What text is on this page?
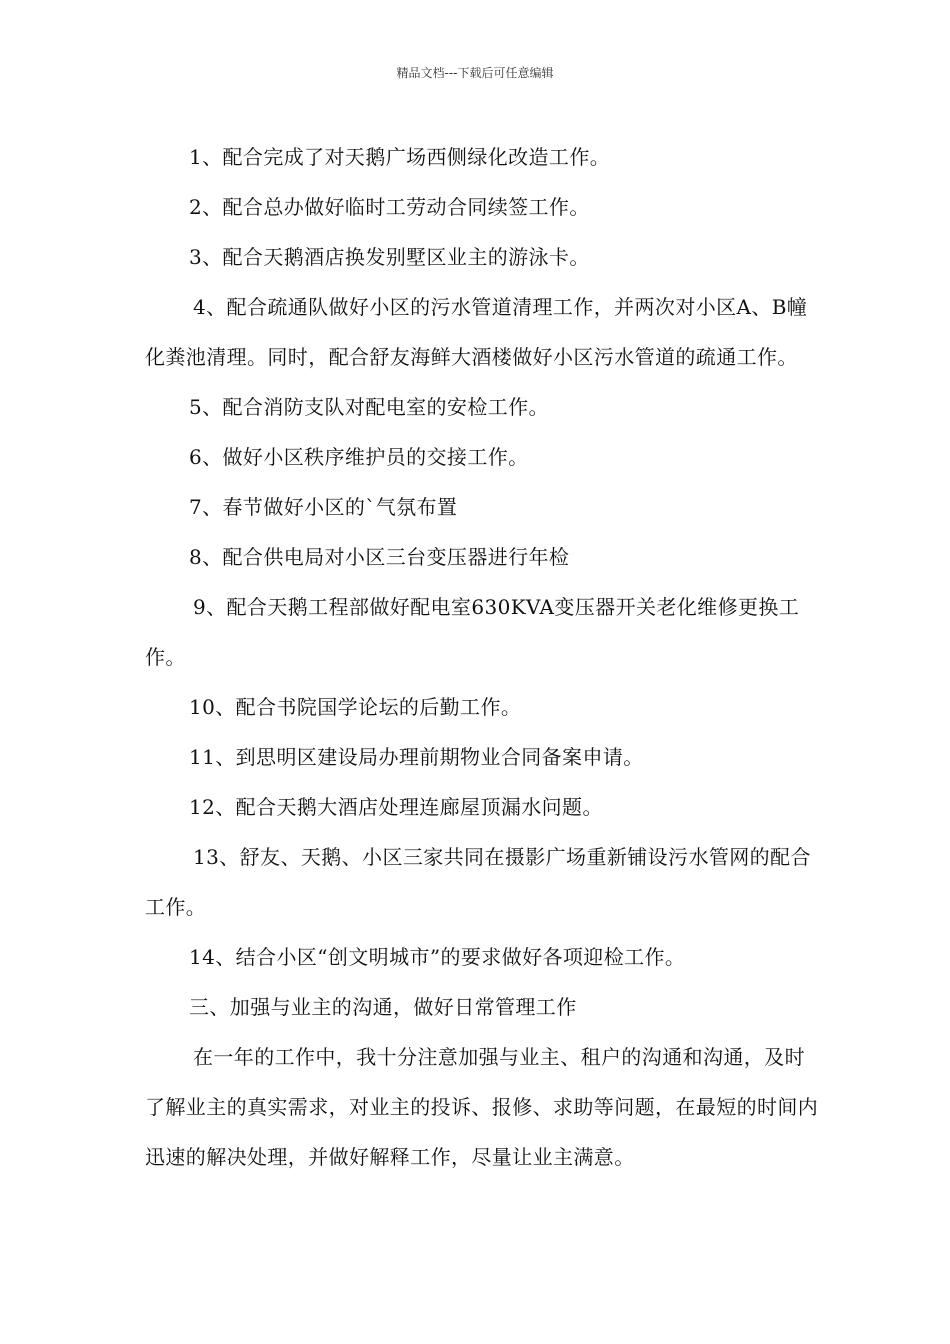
精品文档---下载后可任意编辑

1、配合完成了对天鹅广场西侧绿化改造工作。

2、配合总办做好临时工劳动合同续签工作。

3、配合天鹅酒店换发别墅区业主的游泳卡。

4、配合疏通队做好小区的污水管道清理工作，并两次对小区A、B幢化粪池清理。同时，配合舒友海鲜大酒楼做好小区污水管道的疏通工作。

5、配合消防支队对配电室的安检工作。

6、做好小区秩序维护员的交接工作。

7、春节做好小区的`气氛布置

8、配合供电局对小区三台变压器进行年检

9、配合天鹅工程部做好配电室630KVA变压器开关老化维修更换工作。

10、配合书院国学论坛的后勤工作。

11、到思明区建设局办理前期物业合同备案申请。

12、配合天鹅大酒店处理连廊屋顶漏水问题。

13、舒友、天鹅、小区三家共同在摄影广场重新铺设污水管网的配合工作。

14、结合小区“创文明城市”的要求做好各项迎检工作。

三、加强与业主的沟通，做好日常管理工作

在一年的工作中，我十分注意加强与业主、租户的沟通和沟通，及时了解业主的真实需求，对业主的投诉、报修、求助等问题，在最短的时间内迅速的解决处理，并做好解释工作，尽量让业主满意。
